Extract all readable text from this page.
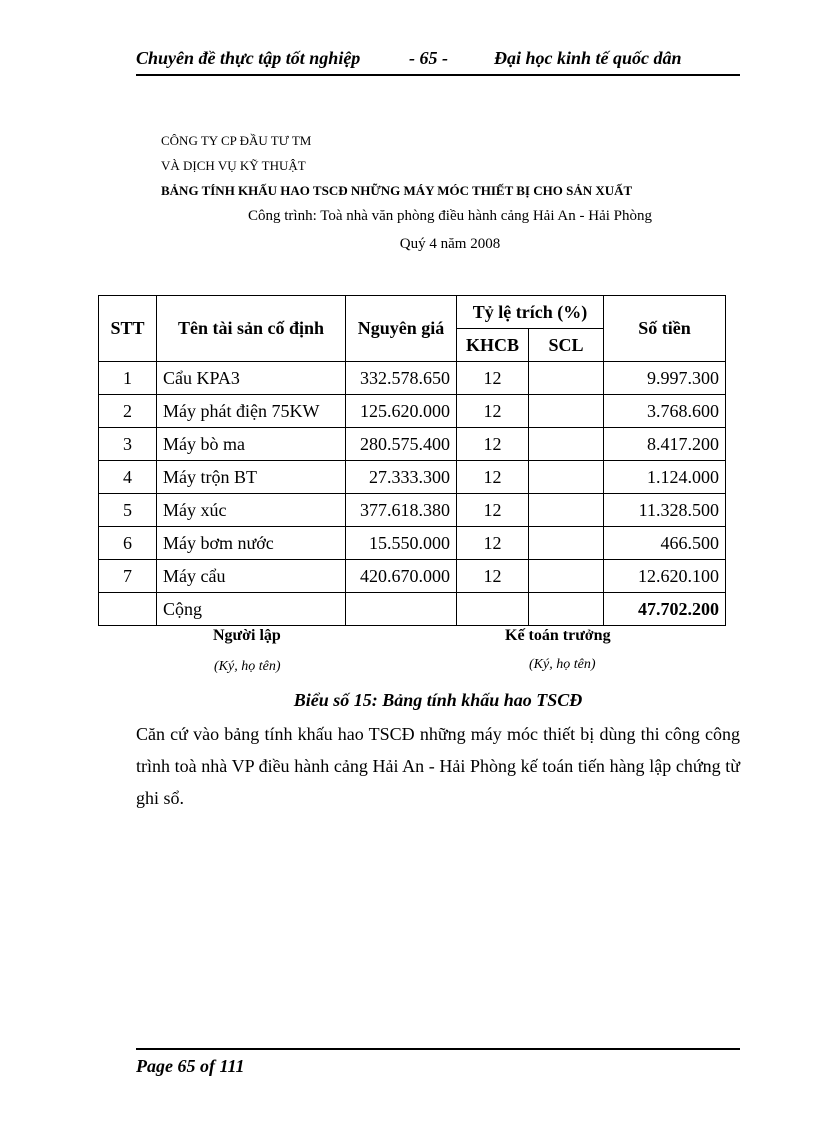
Chuyên đề thực tập tốt nghiệp	- 65 -	Đại học kinh tế quốc dân
CÔNG TY CP ĐẦU TƯ TM
VÀ DỊCH VỤ KỸ THUẬT
BẢNG TÍNH KHẤU HAO TSCĐ NHỮNG MÁY MÓC THIẾT BỊ CHO SẢN XUẤT
Công trình: Toà nhà văn phòng điều hành cảng Hải An - Hải Phòng
Quý 4 năm 2008
STT	Tên tài sản cố định	Nguyên giá	Tỷ lệ trích (%)		Số tiền
			KHCB	SCL	
1	Cẩu KPA3	332.578.650	12		9.997.300
2	Máy phát điện 75KW	125.620.000	12		3.768.600
3	Máy bò ma	280.575.400	12		8.417.200
4	Máy trộn BT	27.333.300	12		1.124.000
5	Máy xúc	377.618.380	12		11.328.500
6	Máy bơm nước	15.550.000	12		466.500
7	Máy cẩu	420.670.000	12		12.620.100
	Cộng				47.702.200
Người lập	Kế toán trưởng
(Ký, họ tên)	(Ký, họ tên)
Biểu số 15: Bảng tính khấu hao TSCĐ
Căn cứ vào bảng tính khấu hao TSCĐ những máy móc thiết bị dùng thi công công trình toà nhà VP điều hành cảng Hải An - Hải Phòng kế toán tiến hàng lập chứng từ ghi sổ.
Page 65 of 111
